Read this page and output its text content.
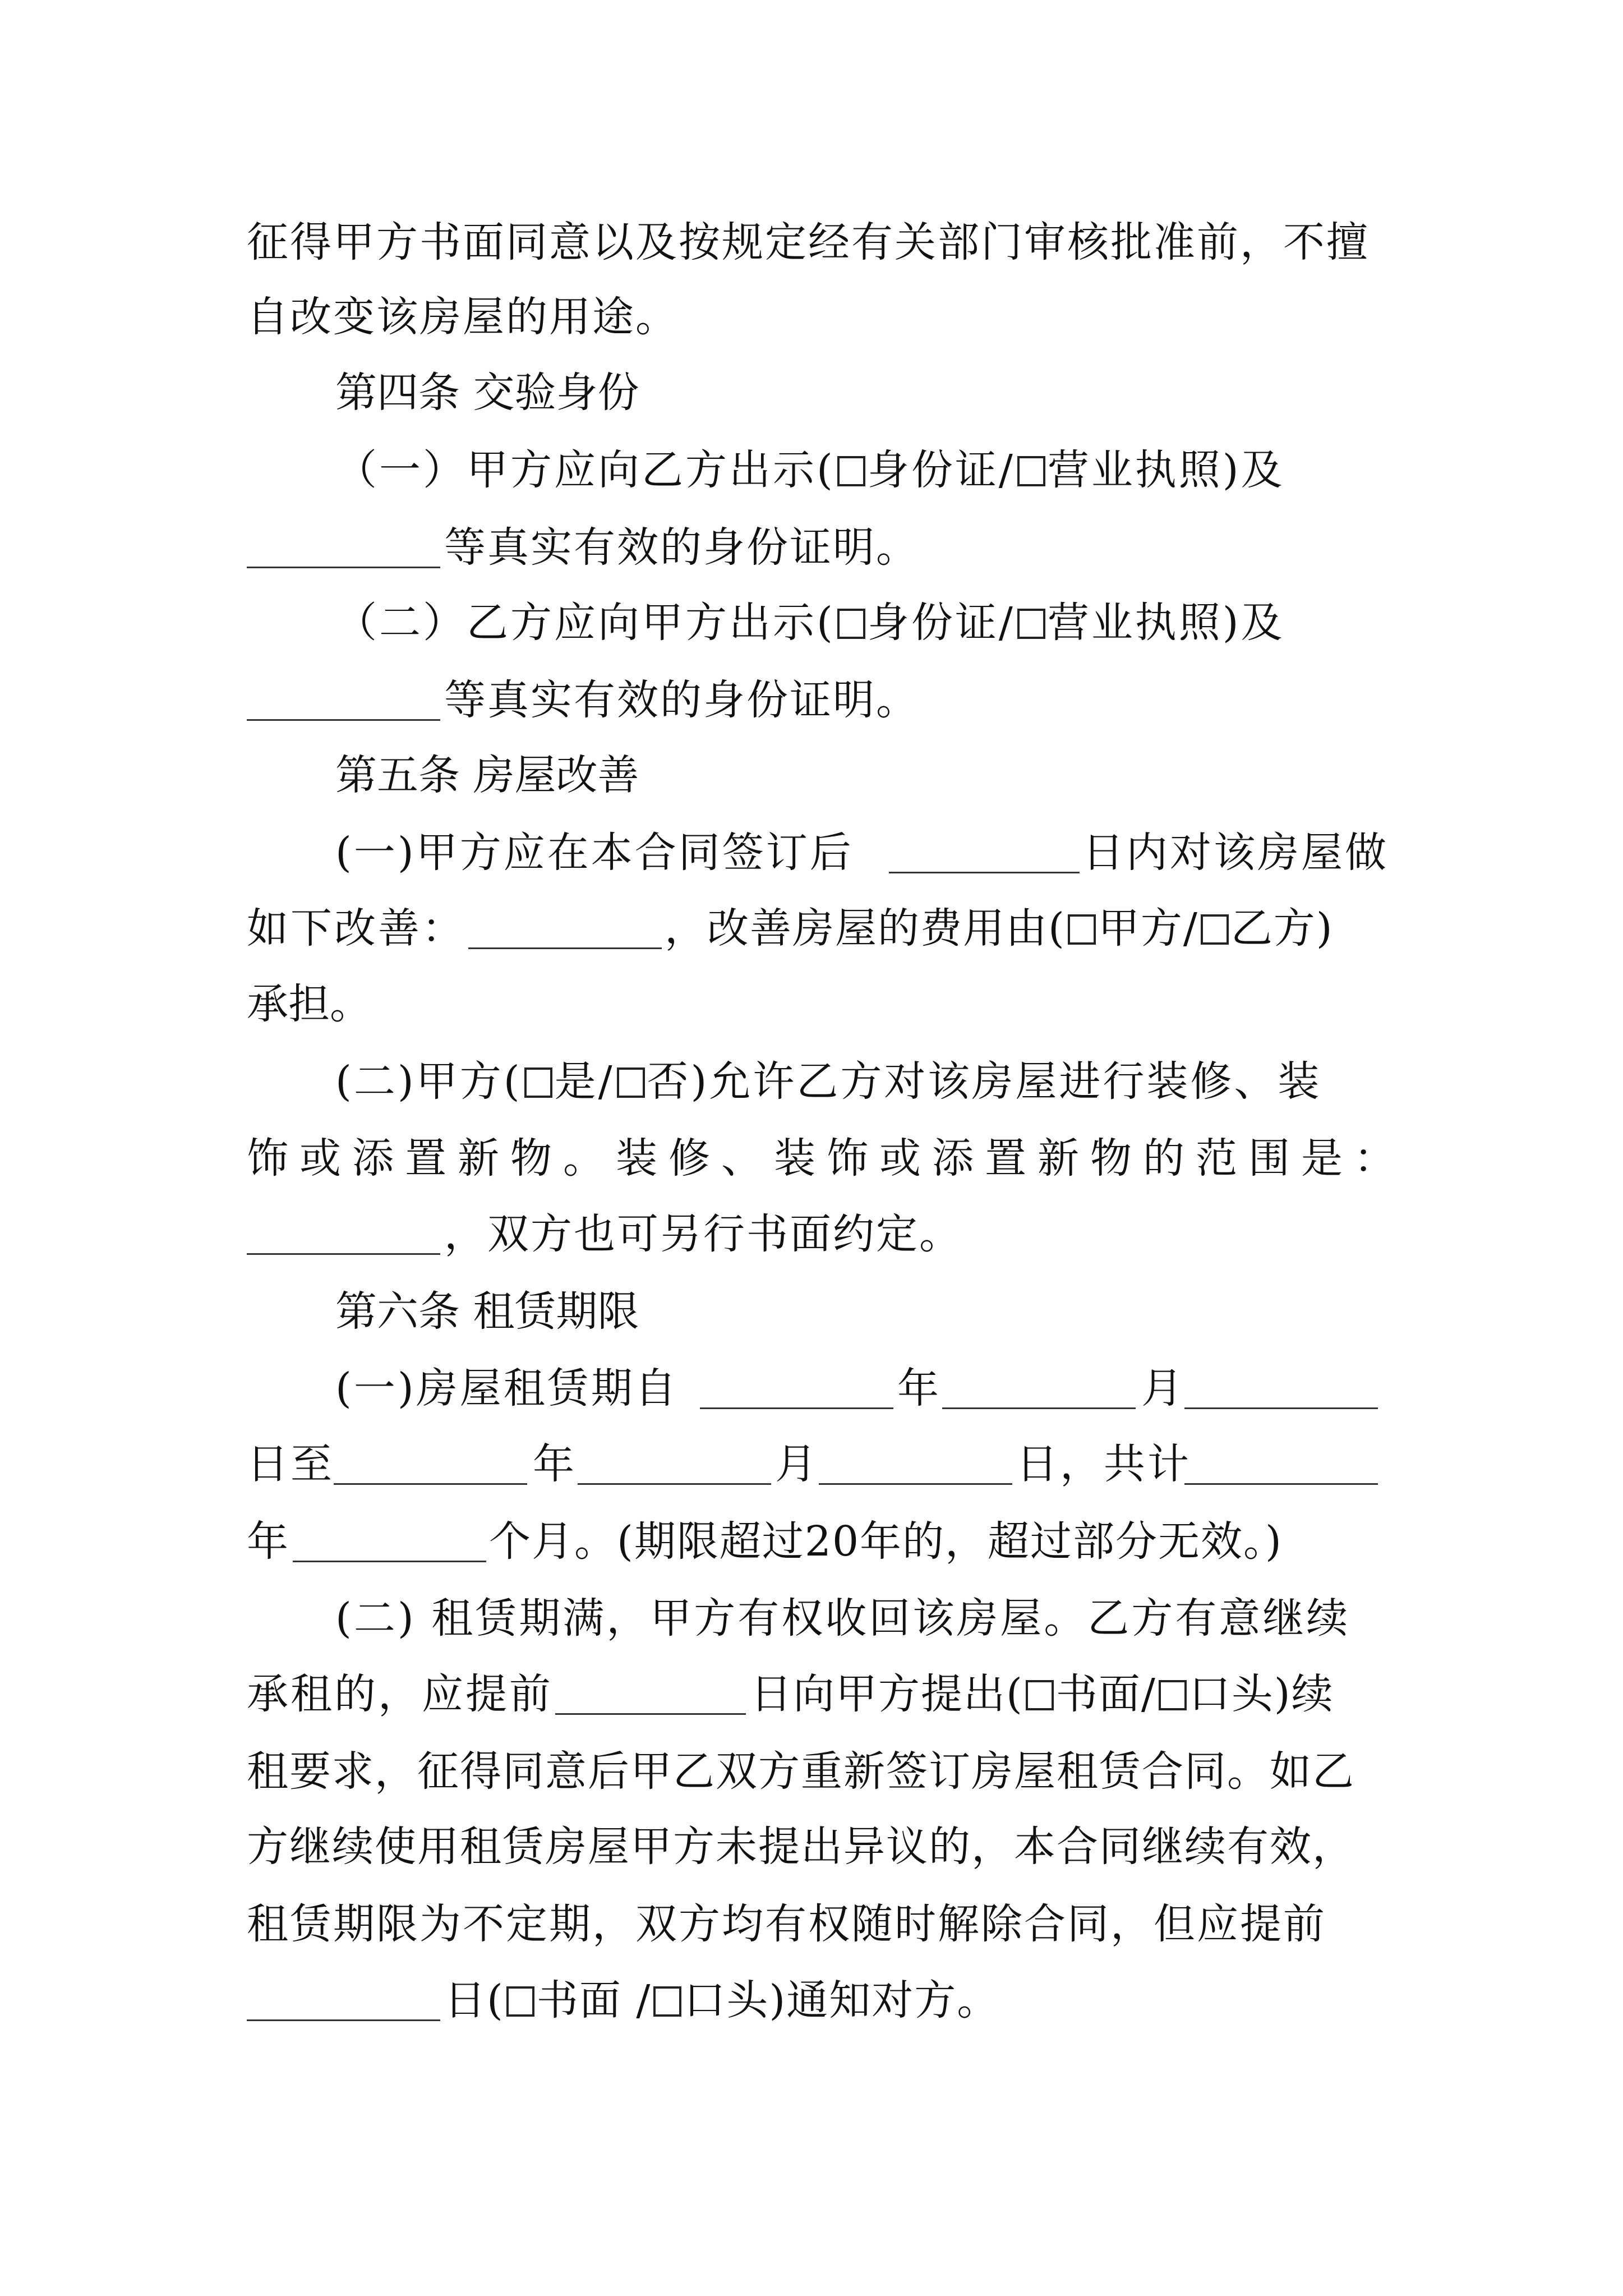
征得甲方书面同意以及按规定经有关部门审核批准前，不擅
自改变该房屋的用途。
第四条 交验身份
（一）甲方应向乙方出示( 身份证/ 营业执照)及
等真实有效的身份证明。
（二）乙方应向甲方出示( 身份证/ 营业执照)及
等真实有效的身份证明。
第五条 房屋改善
(一)甲方应在本合同签订后	日内对该房屋做
如下改善：	，改善房屋的费用由( 甲方/ 乙方)
承担。
(二)甲方( 是/ 否)允许乙方对该房屋进行装修、装
饰或添置新物。装修、装饰或添置新物的范围是：
，双方也可另行书面约定。
第六条 租赁期限
(一)房屋租赁期自	年	月
日至	年	月	日，共计
年	个月。(期限超过20年的，超过部分无效。)
(二) 租赁期满，甲方有权收回该房屋。乙方有意继续
承租的，应提前	日向甲方提出( 书面/ 口头)续
租要求，征得同意后甲乙双方重新签订房屋租赁合同。如乙
方继续使用租赁房屋甲方未提出异议的，本合同继续有效，
租赁期限为不定期，双方均有权随时解除合同，但应提前
日( 书面 / 口头)通知对方。
